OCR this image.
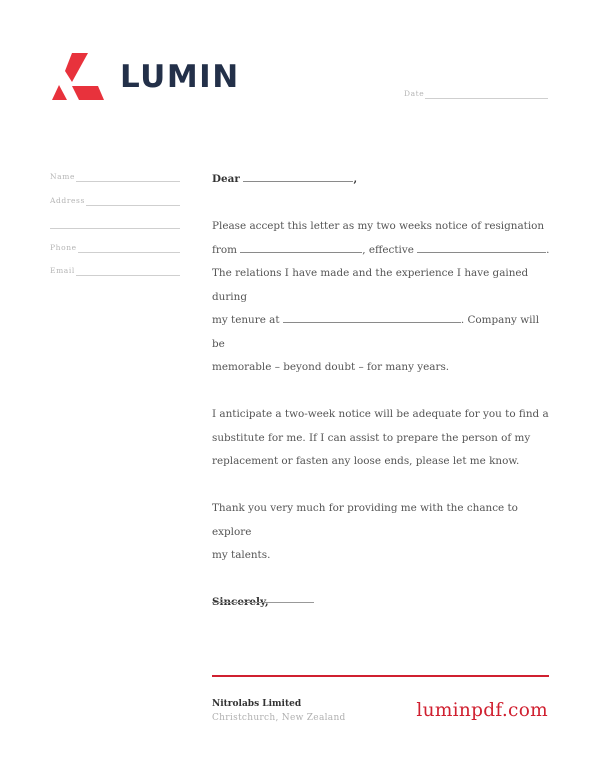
LUMIN	Date
Name
Address
Phone
Email
Dear	,
Please accept this letter as my two weeks notice of resignation
from	, effective	.
The relations I have made and the experience I have gained during
my tenure at	. Company will be
memorable – beyond doubt – for many years.
I anticipate a two-week notice will be adequate for you to find a
substitute for me. If I can assist to prepare the person of my
replacement or fasten any loose ends, please let me know.
Thank you very much for providing me with the chance to explore
my talents.
Sincerely,
Nitrolabs Limited
Christchurch, New Zealand	luminpdf.com
